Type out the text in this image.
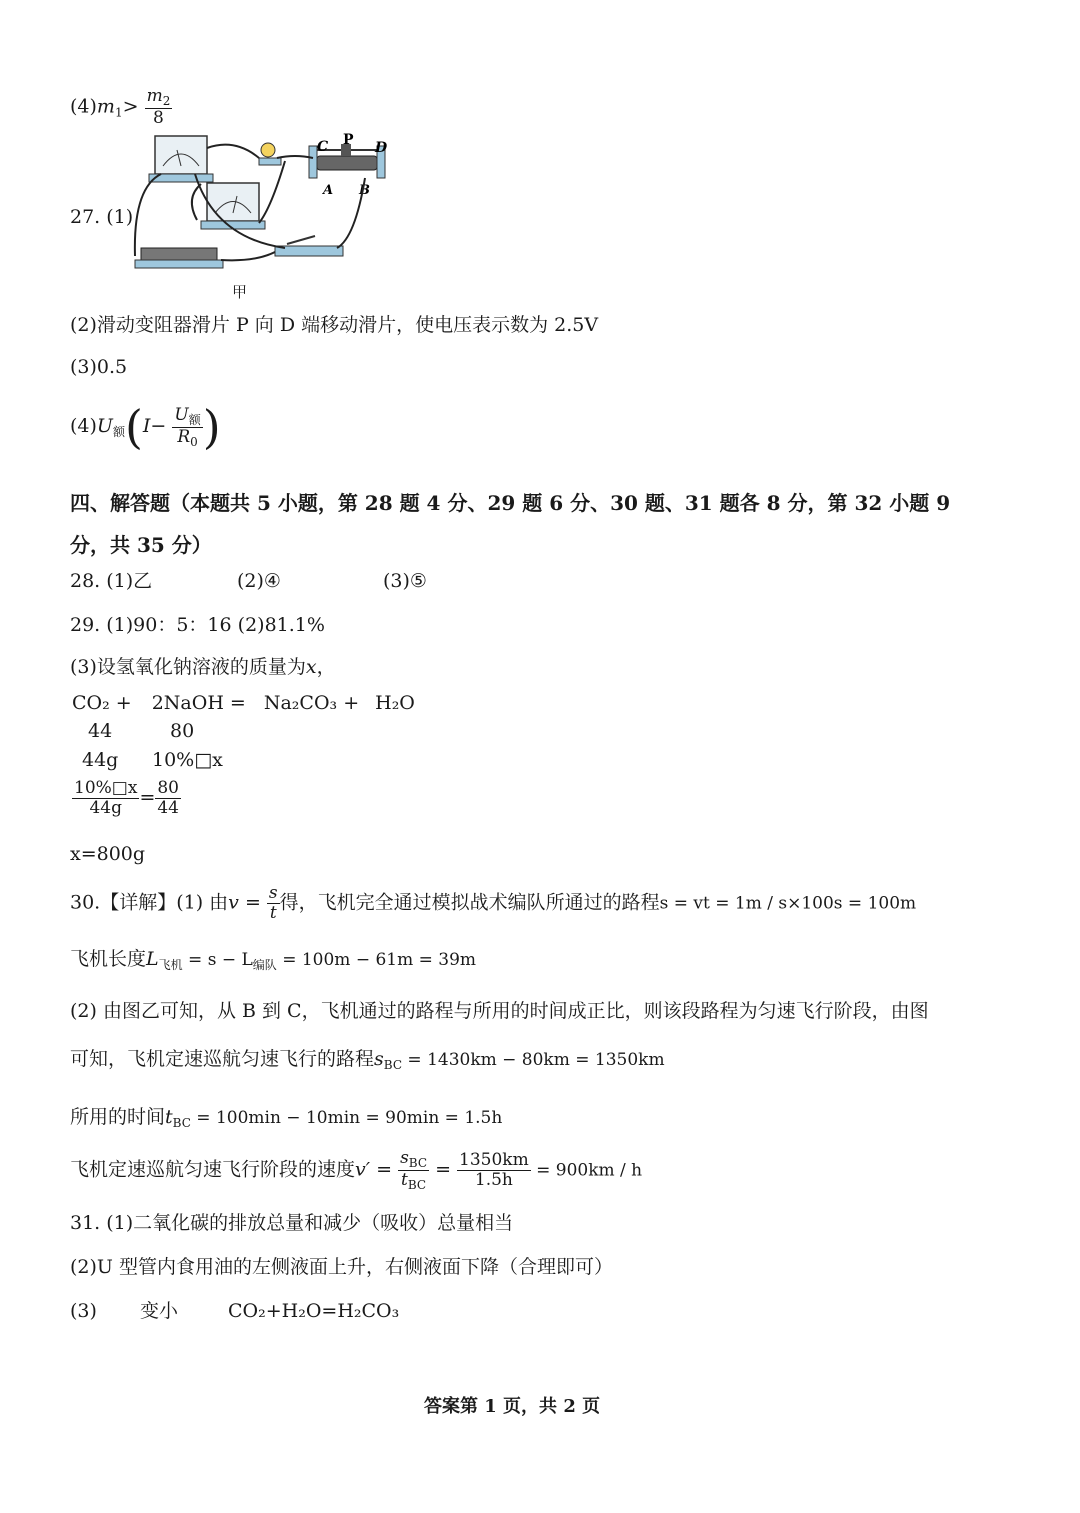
$(4)m_1> \frac{m_2}{8}$
27. (1)
C P D
A B
甲
(2)滑动变阻器滑片 P 向 D 端移动滑片，使电压表示数为 2.5V
(3)0.5
$(4)U_额(I- \frac{U_额}{R_0}$ )
四、解答题（本题共 5 小题，第 28 题 4 分、29 题 6 分、30 题、31 题各 8 分，第 32 小题 9
分，共 35 分）
28. (1)乙	(2)④	(3)⑤
29. (1)90：5：16 (2)81.1%
(3)设氢氧化钠溶液的质量为x，
CO₂ + 2NaOH = Na₂CO₃ + H₂O
44	80
44g 10%□x
$\frac{10\%□x}{44g} = \frac{80}{44}$
x=800g
30.【详解】(1) 由$v = \frac{s}{t}$ 得，飞机完全通过模拟战术编队所通过的路程s = vt = 1m / s×100s = 100m
飞机长度$L_{飞机} = s - L_{编队} = 100m - 61m = 39m$
(2) 由图乙可知，从 B 到 C，飞机通过的路程与所用的时间成正比，则该段路程为匀速飞行阶段，由图
可知，飞机定速巡航匀速飞行的路程$s_{BC} = 1430km - 80km = 1350km$
所用的时间$t_{BC} = 100\min - 10\min = 90\min = 1.5h$
飞机定速巡航匀速飞行阶段的速度$v' = \frac{s_{BC}}{t_{BC}} = \frac{1350km}{1.5h} = 900km / h$
31. (1)二氧化碳的排放总量和减少（吸收）总量相当
(2)U 型管内食用油的左侧液面上升，右侧液面下降（合理即可）
(3) 变小	CO₂+H₂O=H₂CO₃
答案第 1 页，共 2 页
